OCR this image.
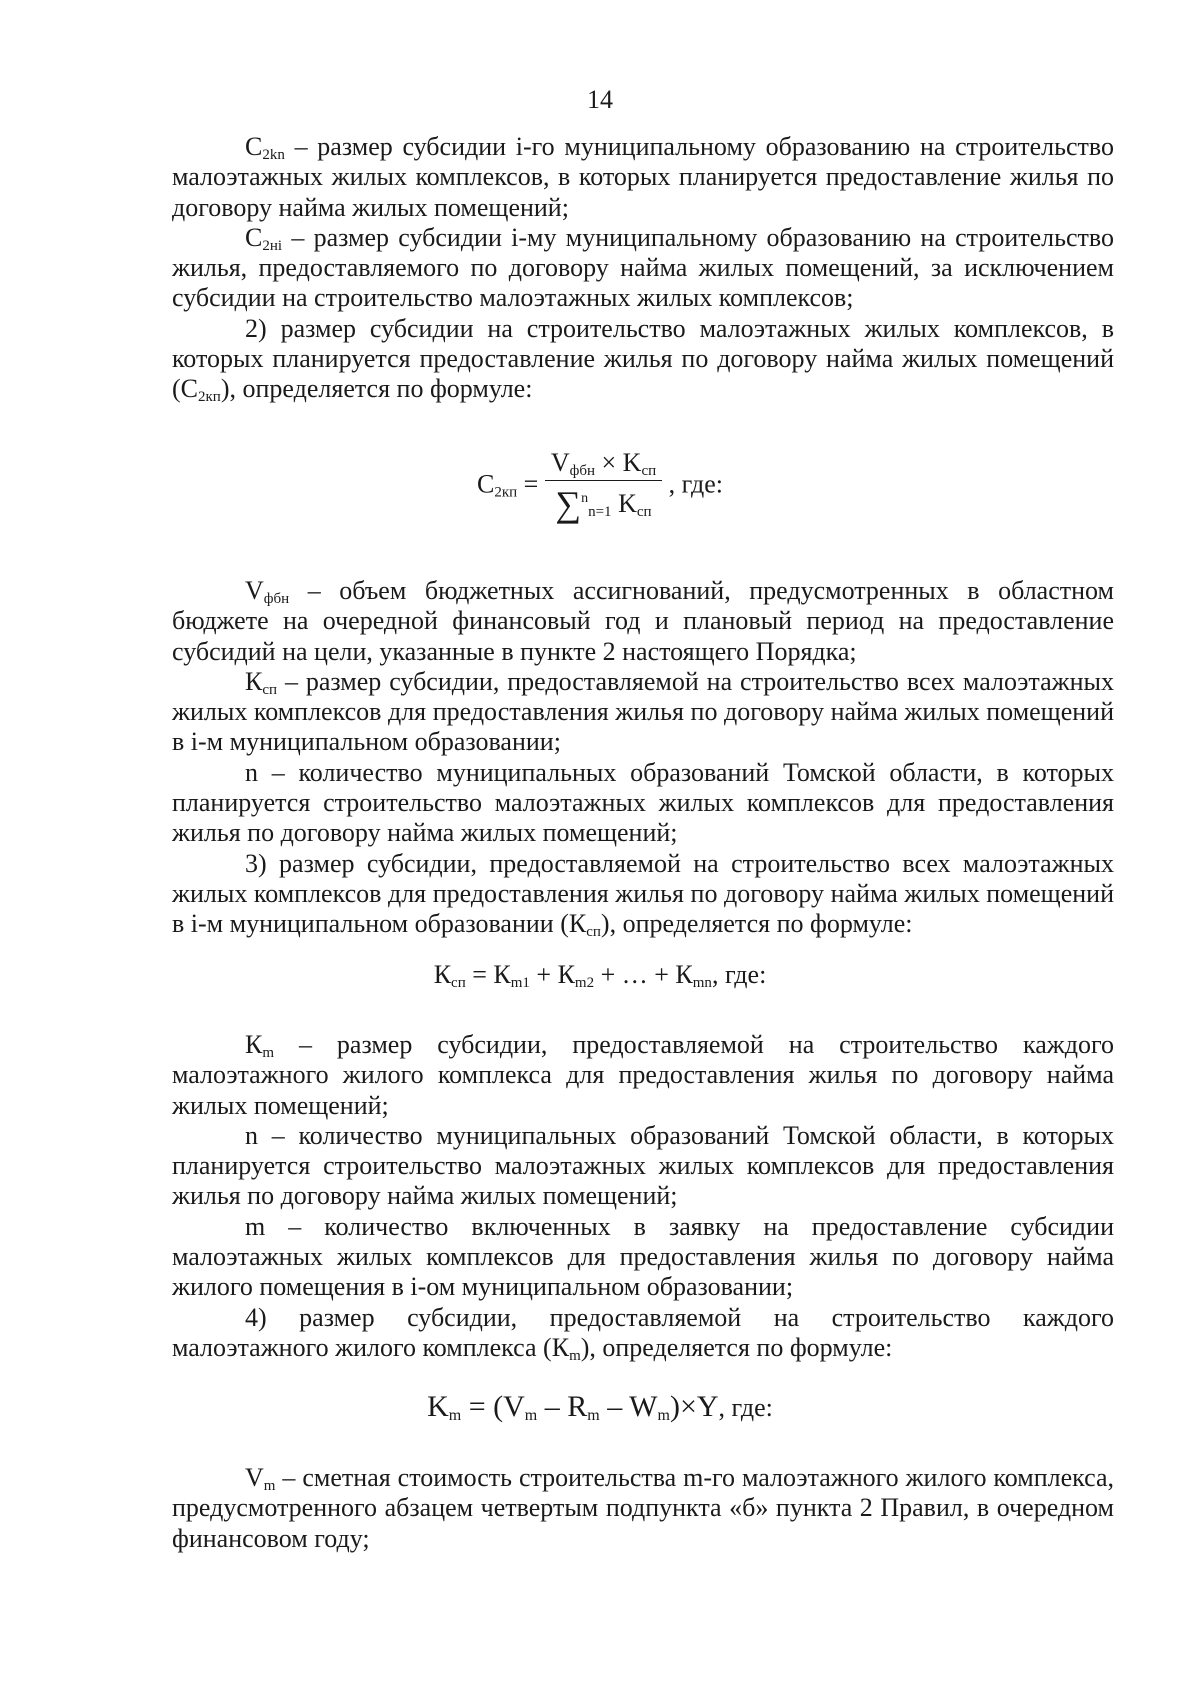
14

$С_{2kn}$ – размер субсидии i-го муниципальному образованию на строительство малоэтажных жилых комплексов, в которых планируется предоставление жилья по договору найма жилых помещений;

$С_{2нi}$ – размер субсидии i-му муниципальному образованию на строительство жилья, предоставляемого по договору найма жилых помещений, за исключением субсидии на строительство малоэтажных жилых комплексов;

2) размер субсидии на строительство малоэтажных жилых комплексов, в которых планируется предоставление жилья по договору найма жилых помещений $(С_{2кп})$, определяется по формуле:

$С_{2кп} = \frac{V_{фбн} \times K_{сп}}{\sum^n_{n=1} K_{сп}}$ , где:

$V_{фбн}$ – объем бюджетных ассигнований, предусмотренных в областном бюджете на очередной финансовый год и плановый период на предоставление субсидий на цели, указанные в пункте 2 настоящего Порядка;

$К_{сп}$ – размер субсидии, предоставляемой на строительство всех малоэтажных жилых комплексов для предоставления жилья по договору найма жилых помещений в i-м муниципальном образовании;

n – количество муниципальных образований Томской области, в которых планируется строительство малоэтажных жилых комплексов для предоставления жилья по договору найма жилых помещений;

3) размер субсидии, предоставляемой на строительство всех малоэтажных жилых комплексов для предоставления жилья по договору найма жилых помещений в i-м муниципальном образовании $(К_{сп})$, определяется по формуле:

$К_{сп} = К_{m1} + К_{m2}$ + … + $К_{mn}$, где:

$К_m$ – размер субсидии, предоставляемой на строительство каждого малоэтажного жилого комплекса для предоставления жилья по договору найма жилых помещений;

n – количество муниципальных образований Томской области, в которых планируется строительство малоэтажных жилых комплексов для предоставления жилья по договору найма жилых помещений;

m – количество включенных в заявку на предоставление субсидии малоэтажных жилых комплексов для предоставления жилья по договору найма жилого помещения в i-ом муниципальном образовании;

4) размер субсидии, предоставляемой на строительство каждого малоэтажного жилого комплекса $(К_m)$, определяется по формуле:

$K_m = (V_m - R_m - W_m)\times Y$, где:

$V_m$ – сметная стоимость строительства m-го малоэтажного жилого комплекса, предусмотренного абзацем четвертым подпункта «б» пункта 2 Правил, в очередном финансовом году;
